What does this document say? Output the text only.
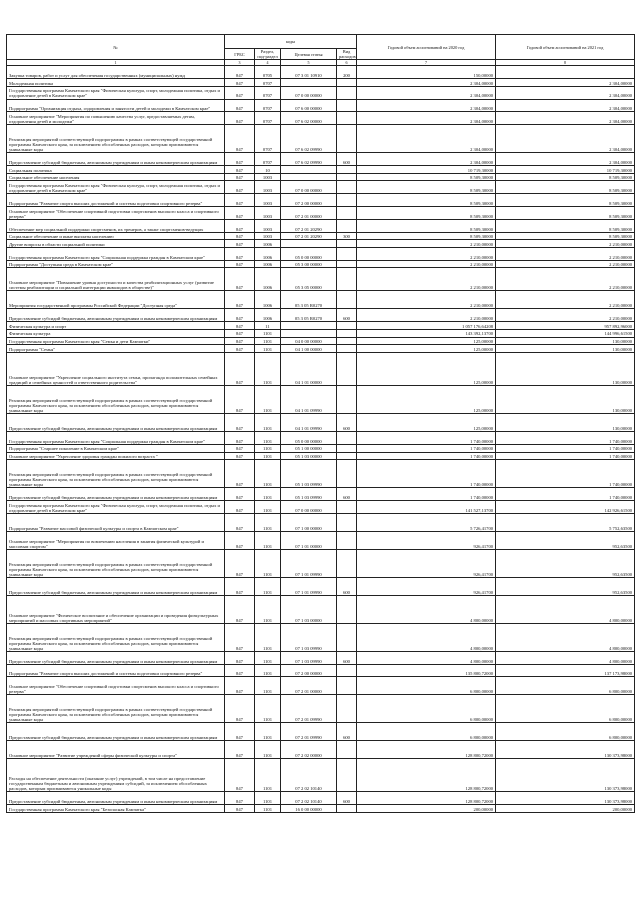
№	коды				Годовой объем ассигнований на 2020 год	Годовой объем ассигнований на 2021 год
	ГРБС	Раздел, под-раздел	Целевая статья	Вид расходов		
1	3	4	5	6	7	8
Закупка товаров, работ и услуг для обеспечения государственных (муниципальных) нужд	847	0705	07 3 01 10910	200	150,00000	
Молодежная политика	847	0707			2 304,00000	2 304,00000
Государственная программа Камчатского края "Физическая культура, спорт, молодежная политика, отдых и оздоровление детей в Камчатском крае"	847	0707	07 0 00 00000		2 304,00000	2 304,00000
Подпрограмма "Организация отдыха, оздоровления и занятости детей и молодежи в Камчатском крае"	847	0707	07 6 00 00000		2 304,00000	2 304,00000
Основное мероприятие "Мероприятия по повышению качества услуг, предоставляемых детям, оздоровления детей и молодежи"	847	0707	07 6 02 00000		2 304,00000	2 304,00000
Реализация мероприятий соответствующей подпрограммы в рамках соответствующей государственной программы Камчатского края, за исключением обособленных расходов, которым присваиваются уникальные коды	847	0707	07 6 02 09990		2 304,00000	2 304,00000
Предоставление субсидий бюджетным, автономным учреждениям и иным некоммерческим организациям	847	0707	07 6 02 09990	600	2 304,00000	2 304,00000
Социальная политика	847	10			10 719,30000	10 719,30000
Социальное обеспечение населения	847	1003			8 509,30000	8 509,30000
Государственная программа Камчатского края "Физическая культура, спорт, молодежная политика, отдых и оздоровление детей в Камчатском крае"	847	1003	07 0 00 00000		8 509,30000	8 509,30000
Подпрограмма "Развитие спорта высших достижений и системы подготовки спортивного резерва"	847	1003	07 2 00 00000		8 509,30000	8 509,30000
Основное мероприятие "Обеспечение спортивной подготовки спортсменов высокого класса и спортивного резерва"	847	1003	07 2 01 00000		8 509,30000	8 509,30000
Обеспечение мер социальной поддержки спортсменов, их тренеров, а также спортсменов-ведущих	847	1003	07 2 01 20290		8 509,30000	8 509,30000
Социальное обеспечение и иные выплаты населению	847	1003	07 2 01 20290	300	8 509,30000	8 509,30000
Другие вопросы в области социальной политики	847	1006			2 210,00000	2 210,00000
Государственная программа Камчатского края "Социальная поддержка граждан в Камчатском крае"	847	1006	05 0 00 00000		2 210,00000	2 210,00000
Подпрограмма "Доступная среда в Камчатском крае"	847	1006	05 3 00 00000		2 210,00000	2 210,00000
Основное мероприятие "Повышение уровня доступности и качества реабилитационных услуг (развитие системы реабилитации и социальной интеграции инвалидов в обществе)"	847	1006	05 3 05 00000		2 210,00000	2 210,00000
Мероприятия государственной программы Российской Федерации "Доступная среда"	847	1006	05 3 05 R0270		2 210,00000	2 210,00000
Предоставление субсидий бюджетным, автономным учреждениям и иным некоммерческим организациям	847	1006	05 3 05 R0270	600	2 210,00000	2 210,00000
Физическая культура и спорт	847	11			1 057 176,64208	957 892,96000
Физическая культура	847	1101			143 392,13700	144 996,61500
Государственная программа Камчатского края "Семья и дети Камчатки"	847	1101	04 0 00 00000		125,00000	130,00000
Подпрограмма "Семья"	847	1101	04 1 00 00000		125,00000	130,00000
Основное мероприятие "Укрепление социального института семьи, пропаганда положительных семейных традиций и семейных ценностей и ответственного родительства"	847	1101	04 1 01 00000		125,00000	130,00000
Реализация мероприятий соответствующей подпрограммы в рамках соответствующей государственной программы Камчатского края, за исключением обособленных расходов, которым присваиваются уникальные коды	847	1101	04 1 01 09990		125,00000	130,00000
Предоставление субсидий бюджетным, автономным учреждениям и иным некоммерческим организациям	847	1101	04 1 01 09990	600	125,00000	130,00000
Государственная программа Камчатского края "Социальная поддержка граждан в Камчатском крае"	847	1101	05 0 00 00000		1 740,00000	1 740,00000
Подпрограмма "Старшее поколение в Камчатском крае"	847	1101	05 1 00 00000		1 740,00000	1 740,00000
Основное мероприятие "Укрепление здоровья граждан пожилого возраста "	847	1101	05 1 03 00000		1 740,00000	1 740,00000
Реализация мероприятий соответствующей подпрограммы в рамках соответствующей государственной программы Камчатского края, за исключением обособленных расходов, которым присваиваются уникальные коды	847	1101	05 1 03 09990		1 740,00000	1 740,00000
Предоставление субсидий бюджетным, автономным учреждениям и иным некоммерческим организациям	847	1101	05 1 03 09990	600	1 740,00000	1 740,00000
Государственная программа Камчатского края "Физическая культура, спорт, молодежная политика, отдых и оздоровление детей в Камчатском крае"	847	1101	07 0 00 00000		141 527,13700	142 926,61500
Подпрограмма "Развитие массовой физической культуры и спорта в Камчатском крае"	847	1101	07 1 00 00000		5 726,41700	5 752,63500
Основное мероприятие "Мероприятия по вовлечению населения в занятия физической культурой и массовым спортом"	847	1101	07 1 01 00000		926,41700	952,63500
Реализация мероприятий соответствующей подпрограммы в рамках соответствующей государственной программы Камчатского края, за исключением обособленных расходов, которым присваиваются уникальные коды	847	1101	07 1 01 09990		926,41700	952,63500
Предоставление субсидий бюджетным, автономным учреждениям и иным некоммерческим организациям	847	1101	07 1 01 09990	600	926,41700	952,63500
Основное мероприятие "Физическое воспитание и обеспечение организации и проведения физкультурных мероприятий и массовых спортивных мероприятий"	847	1101	07 1 03 00000		4 800,00000	4 800,00000
Реализация мероприятий соответствующей подпрограммы в рамках соответствующей государственной программы Камчатского края, за исключением обособленных расходов, которым присваиваются уникальные коды	847	1101	07 1 03 09990		4 800,00000	4 800,00000
Предоставление субсидий бюджетным, автономным учреждениям и иным некоммерческим организациям	847	1101	07 1 03 09990	600	4 800,00000	4 800,00000
Подпрограмма "Развитие спорта высших достижений и системы подготовки спортивного резерва"	847	1101	07 2 00 00000		135 800,72000	137 173,98000
Основное мероприятие "Обеспечение спортивной подготовки спортсменов высокого класса и спортивного резерва"	847	1101	07 2 01 00000		6 800,00000	6 800,00000
Реализация мероприятий соответствующей подпрограммы в рамках соответствующей государственной программы Камчатского края, за исключением обособленных расходов, которым присваиваются уникальные коды	847	1101	07 2 01 09990		6 800,00000	6 800,00000
Предоставление субсидий бюджетным, автономным учреждениям и иным некоммерческим организациям	847	1101	07 2 01 09990	600	6 800,00000	6 800,00000
Основное мероприятие "Развитие учреждений сферы физической культуры и спорта"	847	1101	07 2 02 00000		128 800,72000	130 373,98000
Расходы на обеспечение деятельности (оказание услуг) учреждений, в том числе на предоставление государственным бюджетным и автономным учреждениям субсидий, за исключением обособленных расходов, которым присваиваются уникальные коды	847	1101	07 2 02 10140		128 800,72000	130 373,98000
Предоставление субсидий бюджетным, автономным учреждениям и иным некоммерческим организациям	847	1101	07 2 02 10140	600	128 800,72000	130 373,98000
Государственная программа Камчатского края "Безопасная Камчатка"	847	1101	16 0 00 00000		200,00000	200,00000
